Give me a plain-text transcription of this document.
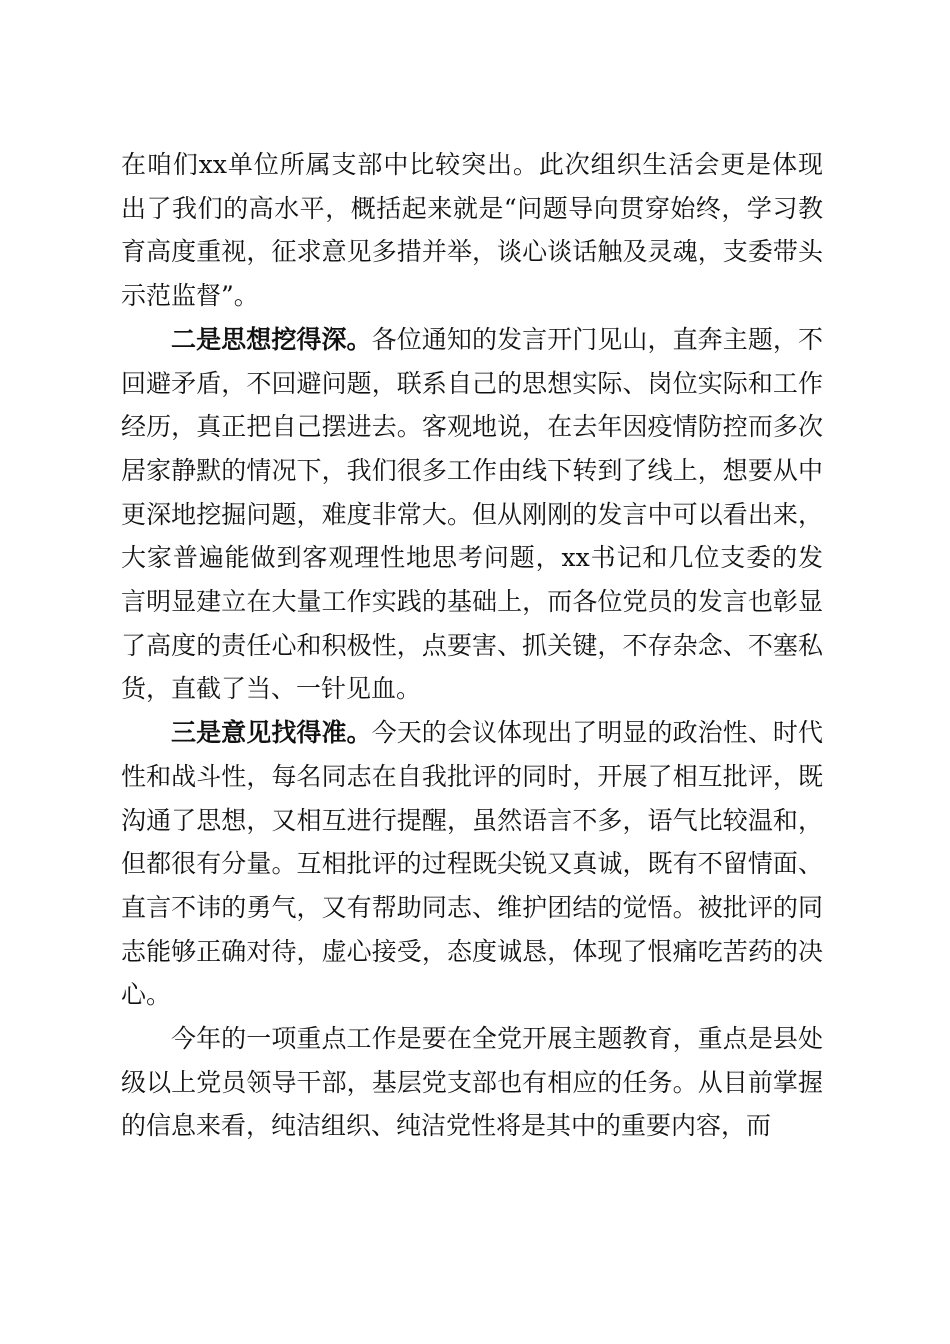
在咱们xx单位所属支部中比较突出。此次组织生活会更是体现出了我们的高水平，概括起来就是“问题导向贯穿始终，学习教育高度重视，征求意见多措并举，谈心谈话触及灵魂，支委带头示范监督”。

二是思想挖得深。各位通知的发言开门见山，直奔主题，不回避矛盾，不回避问题，联系自己的思想实际、岗位实际和工作经历，真正把自己摆进去。客观地说，在去年因疫情防控而多次居家静默的情况下，我们很多工作由线下转到了线上，想要从中更深地挖掘问题，难度非常大。但从刚刚的发言中可以看出来，大家普遍能做到客观理性地思考问题，xx书记和几位支委的发言明显建立在大量工作实践的基础上，而各位党员的发言也彰显了高度的责任心和积极性，点要害、抓关键，不存杂念、不塞私货，直截了当、一针见血。

三是意见找得准。今天的会议体现出了明显的政治性、时代性和战斗性，每名同志在自我批评的同时，开展了相互批评，既沟通了思想，又相互进行提醒，虽然语言不多，语气比较温和，但都很有分量。互相批评的过程既尖锐又真诚，既有不留情面、直言不讳的勇气，又有帮助同志、维护团结的觉悟。被批评的同志能够正确对待，虚心接受，态度诚恳，体现了恨痛吃苦药的决心。

今年的一项重点工作是要在全党开展主题教育，重点是县处级以上党员领导干部，基层党支部也有相应的任务。从目前掌握的信息来看，纯洁组织、纯洁党性将是其中的重要内容，而
